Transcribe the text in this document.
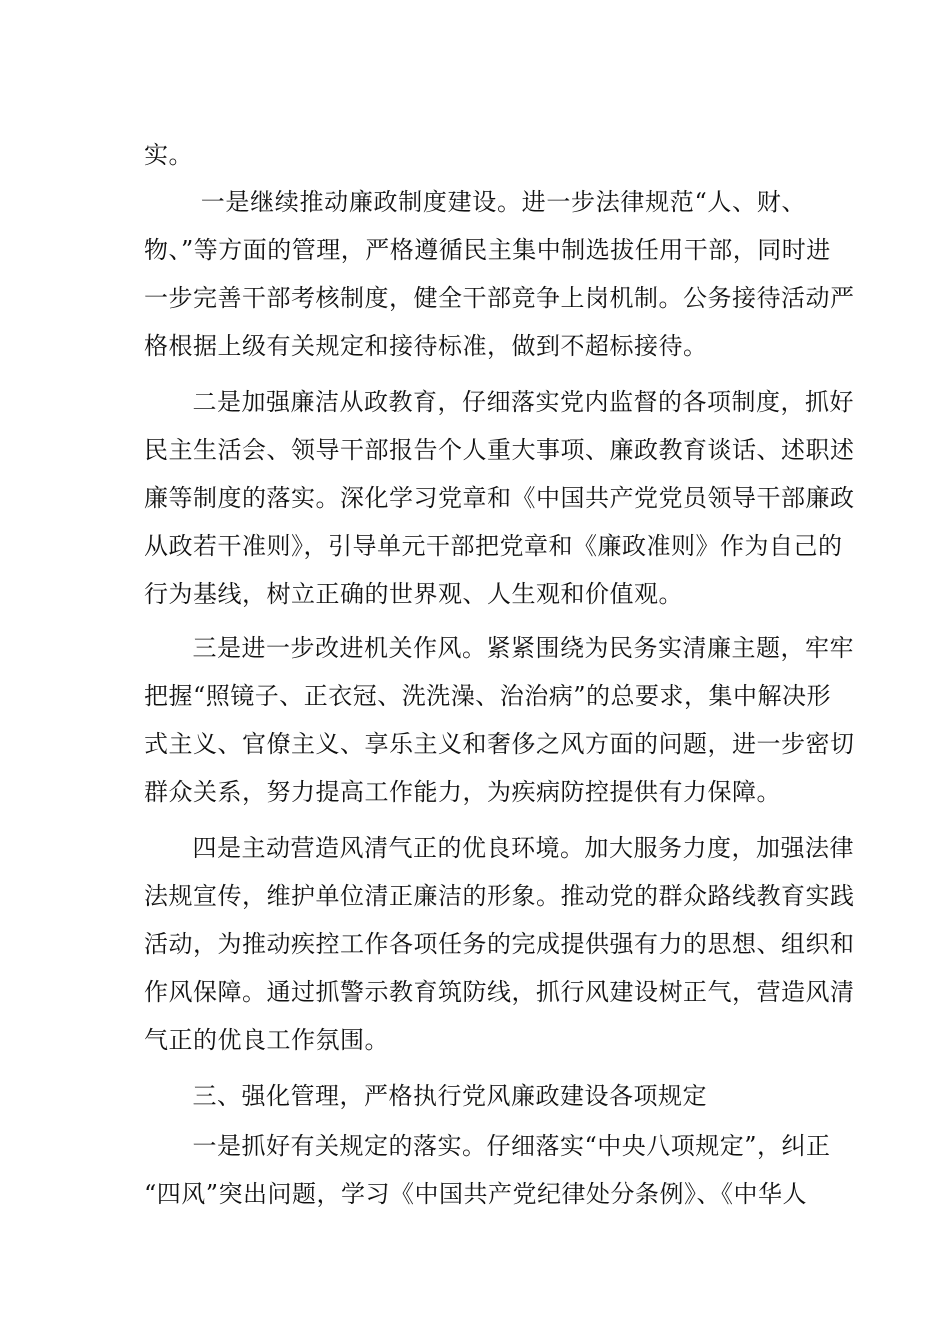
实。
　一是继续推动廉政制度建设。进一步法律规范“人、财、
物、”等方面的管理，严格遵循民主集中制选拔任用干部，同时进
一步完善干部考核制度，健全干部竞争上岗机制。公务接待活动严
格根据上级有关规定和接待标准，做到不超标接待。
　二是加强廉洁从政教育，仔细落实党内监督的各项制度，抓好
民主生活会、领导干部报告个人重大事项、廉政教育谈话、述职述
廉等制度的落实。深化学习党章和《中国共产党党员领导干部廉政
从政若干准则》，引导单元干部把党章和《廉政准则》作为自己的
行为基线，树立正确的世界观、人生观和价值观。
　三是进一步改进机关作风。紧紧围绕为民务实清廉主题，牢牢
把握“照镜子、正衣冠、洗洗澡、治治病”的总要求，集中解决形
式主义、官僚主义、享乐主义和奢侈之风方面的问题，进一步密切
群众关系，努力提高工作能力，为疾病防控提供有力保障。
　四是主动营造风清气正的优良环境。加大服务力度，加强法律
法规宣传，维护单位清正廉洁的形象。推动党的群众路线教育实践
活动，为推动疾控工作各项任务的完成提供强有力的思想、组织和
作风保障。通过抓警示教育筑防线，抓行风建设树正气，营造风清
气正的优良工作氛围。
　三、强化管理，严格执行党风廉政建设各项规定
　一是抓好有关规定的落实。仔细落实“中央八项规定”，纠正
“四风”突出问题，学习《中国共产党纪律处分条例》、《中华人
